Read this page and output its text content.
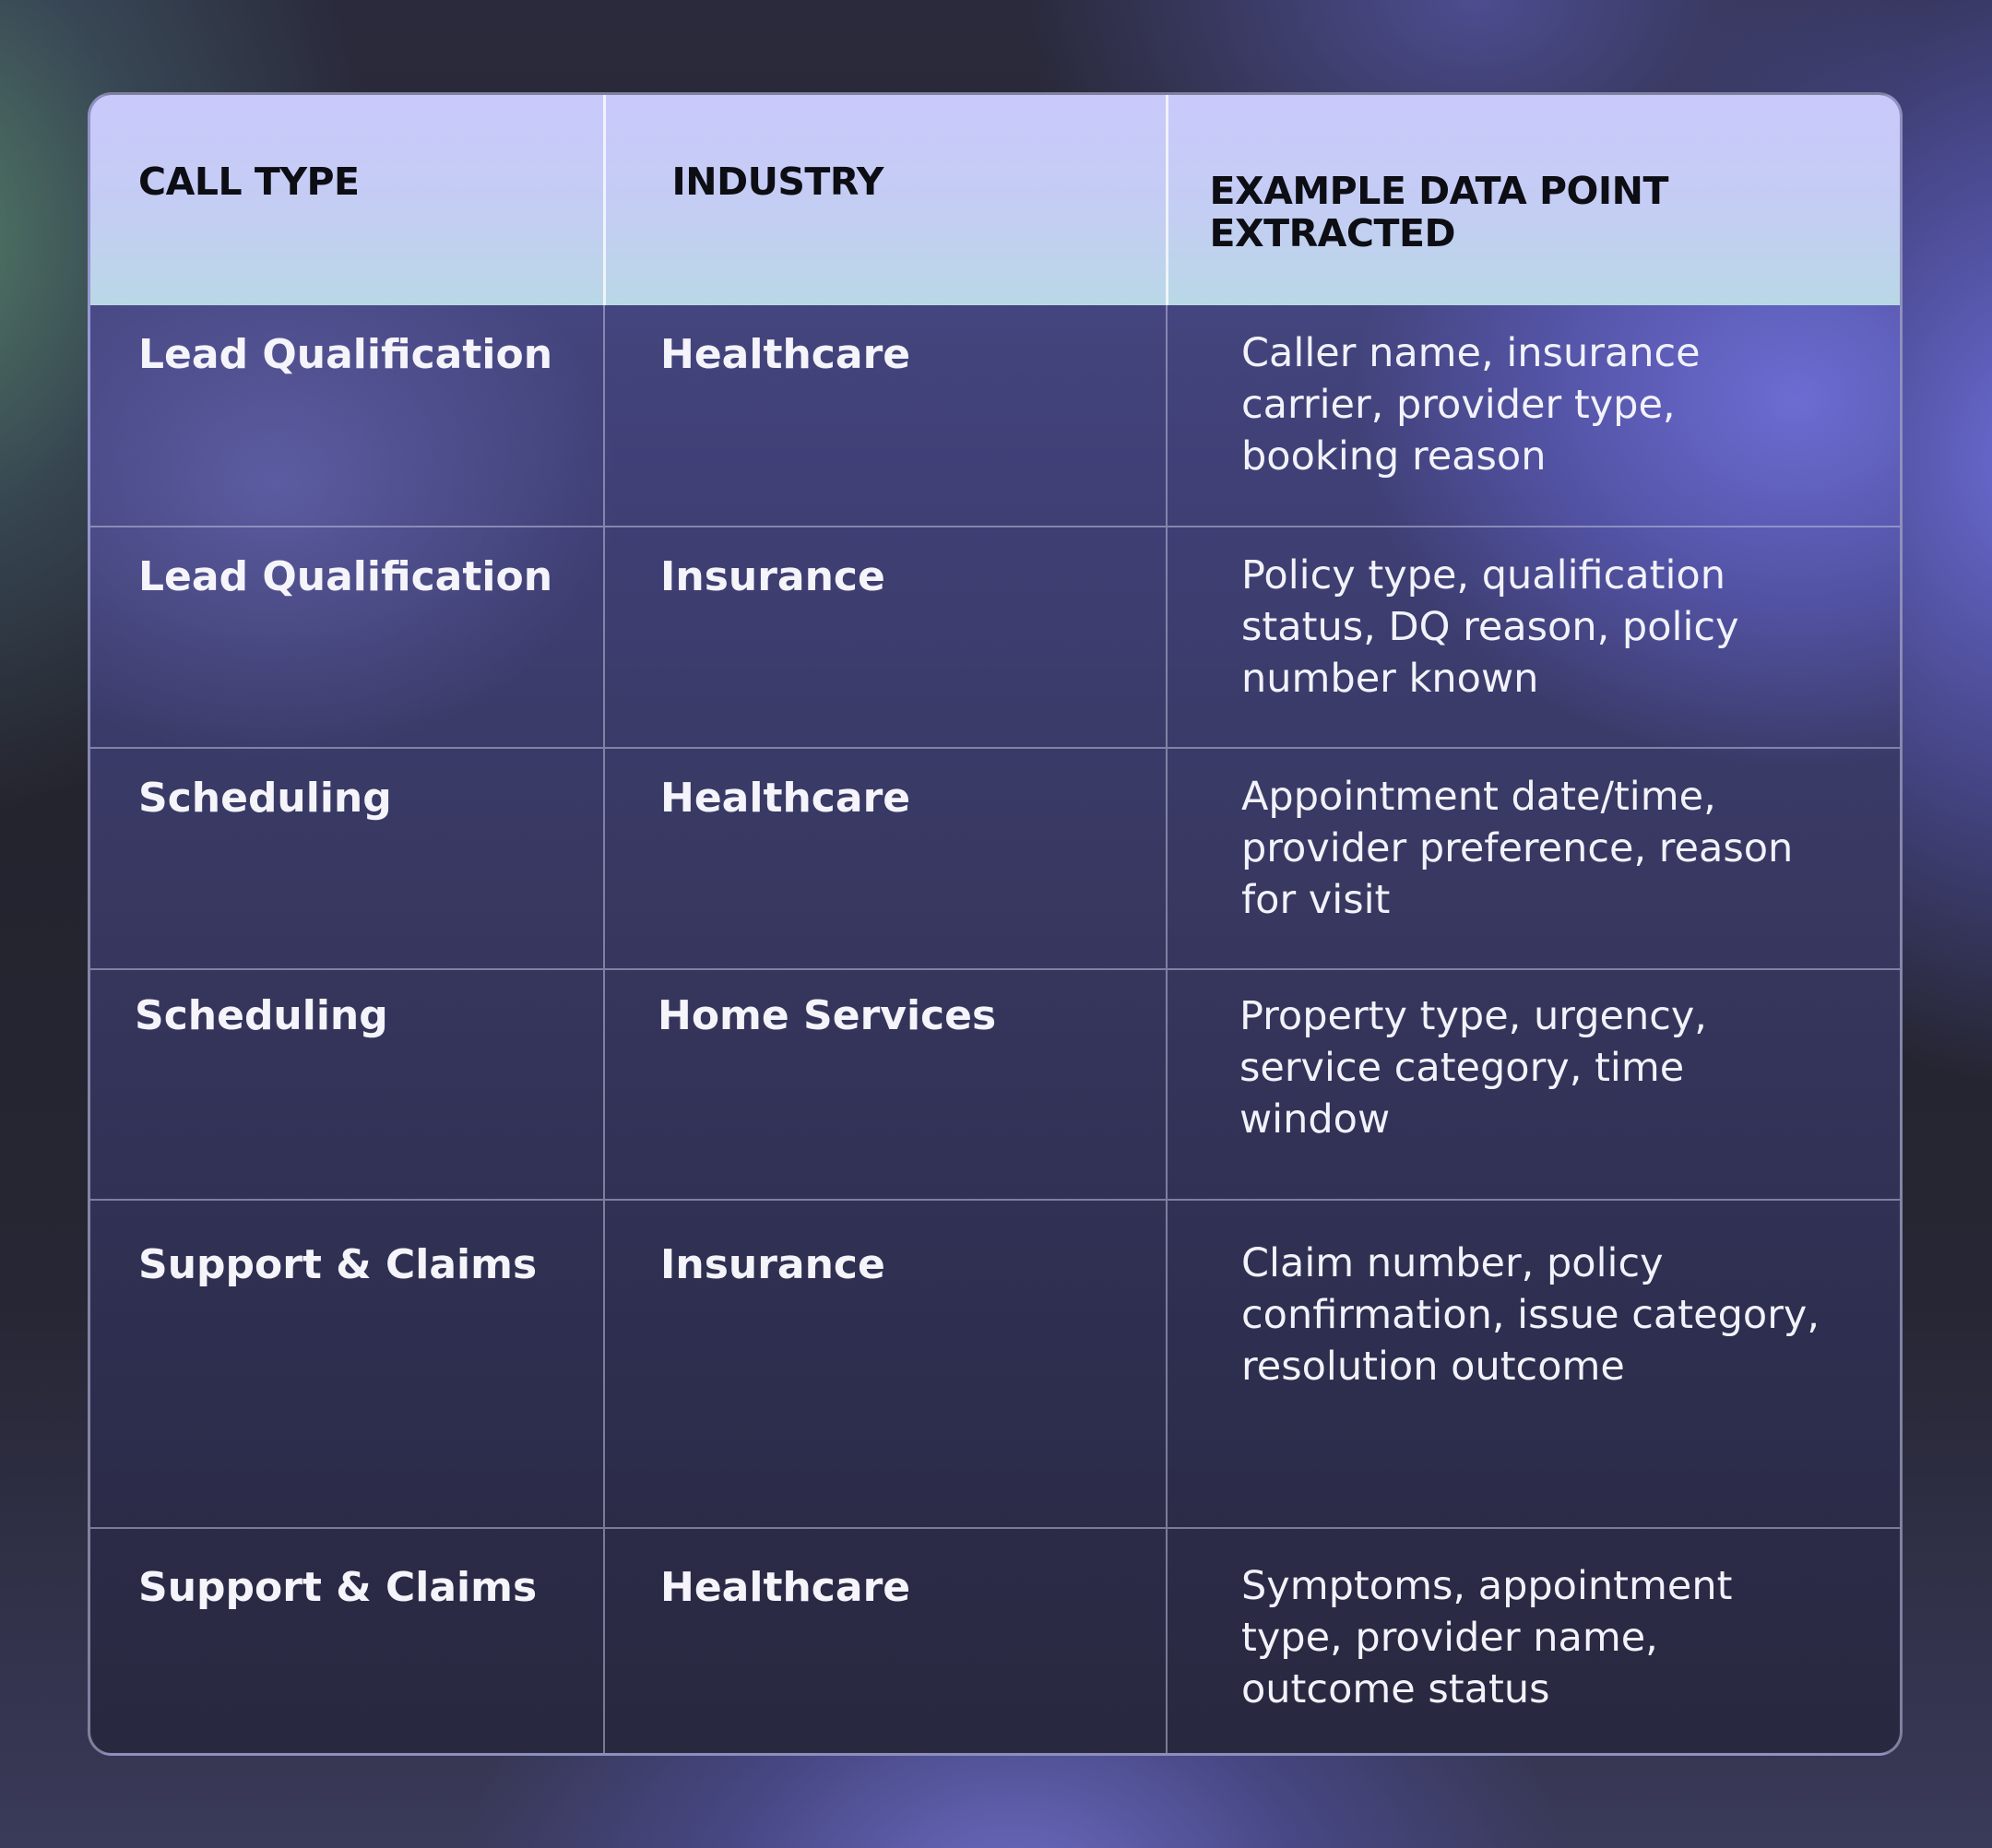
CALL TYPE	INDUSTRY	EXAMPLE DATA POINT EXTRACTED
Lead Qualification	Healthcare	Caller name, insurance carrier, provider type, booking reason
Lead Qualification	Insurance	Policy type, qualification status, DQ reason, policy number known
Scheduling	Healthcare	Appointment date/time, provider preference, reason for visit
Scheduling	Home Services	Property type, urgency, service category, time window
Support & Claims	Insurance	Claim number, policy confirmation, issue category, resolution outcome
Support & Claims	Healthcare	Symptoms, appointment type, provider name, outcome status
